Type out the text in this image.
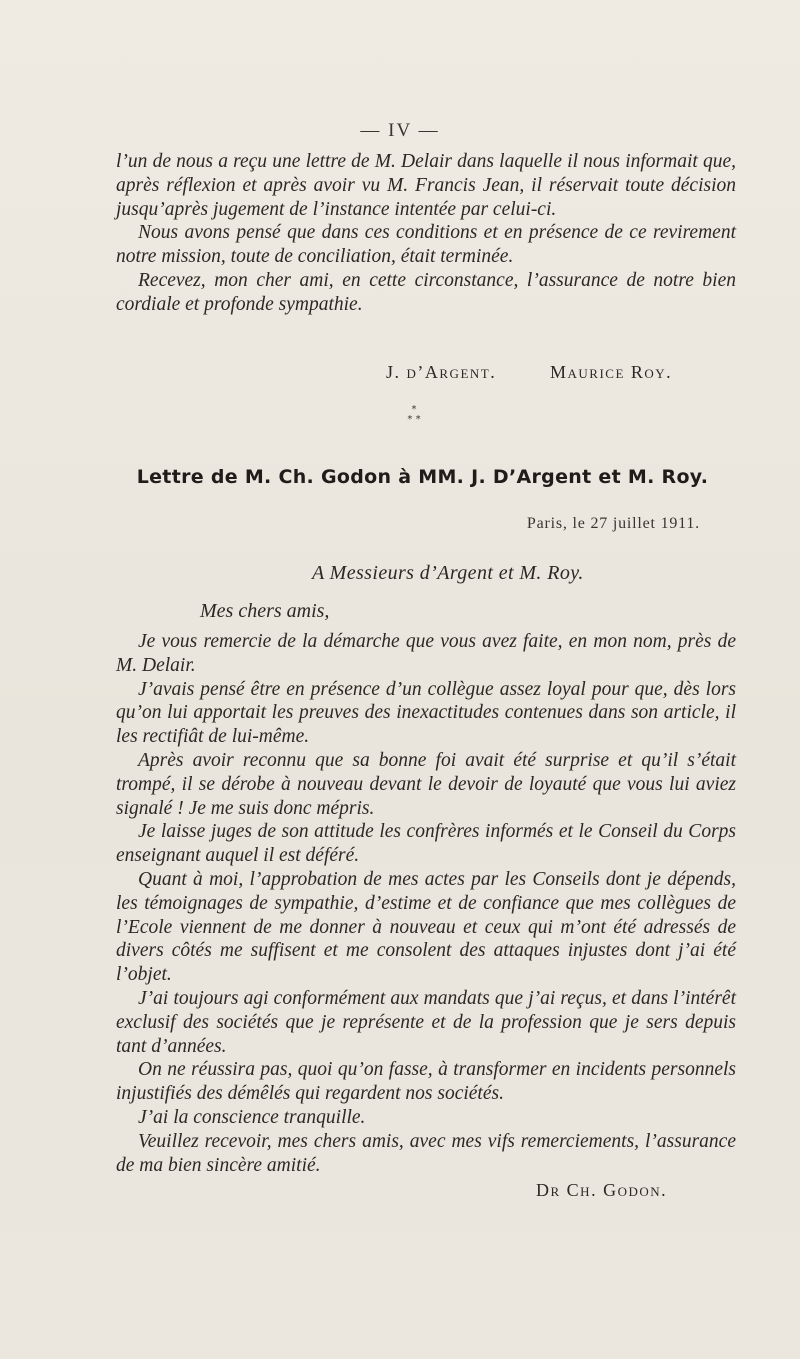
— IV —

l’un de nous a reçu une lettre de M. Delair dans laquelle il nous informait que, après réflexion et après avoir vu M. Francis Jean, il réservait toute décision jusqu’après jugement de l’instance intentée par celui-ci.

Nous avons pensé que dans ces conditions et en présence de ce revirement notre mission, toute de conciliation, était terminée.

Recevez, mon cher ami, en cette circonstance, l’assurance de notre bien cordiale et profonde sympathie.

J. d’Argent.	Maurice Roy.
*
* *
Lettre de M. Ch. Godon à MM. J. D’Argent et M. Roy.
Paris, le 27 juillet 1911.
A Messieurs d’Argent et M. Roy.
Mes chers amis,

Je vous remercie de la démarche que vous avez faite, en mon nom, près de M. Delair.

J’avais pensé être en présence d’un collègue assez loyal pour que, dès lors qu’on lui apportait les preuves des inexactitudes contenues dans son article, il les rectifiât de lui-même.

Après avoir reconnu que sa bonne foi avait été surprise et qu’il s’était trompé, il se dérobe à nouveau devant le devoir de loyauté que vous lui aviez signalé ! Je me suis donc mépris.

Je laisse juges de son attitude les confrères informés et le Conseil du Corps enseignant auquel il est déféré.

Quant à moi, l’approbation de mes actes par les Conseils dont je dépends, les témoignages de sympathie, d’estime et de confiance que mes collègues de l’Ecole viennent de me donner à nouveau et ceux qui m’ont été adressés de divers côtés me suffisent et me consolent des attaques injustes dont j’ai été l’objet.

J’ai toujours agi conformément aux mandats que j’ai reçus, et dans l’intérêt exclusif des sociétés que je représente et de la profession que je sers depuis tant d’années.

On ne réussira pas, quoi qu’on fasse, à transformer en incidents personnels injustifiés des démêlés qui regardent nos sociétés.

J’ai la conscience tranquille.

Veuillez recevoir, mes chers amis, avec mes vifs remerciements, l’assurance de ma bien sincère amitié.

Dr Ch. Godon.
